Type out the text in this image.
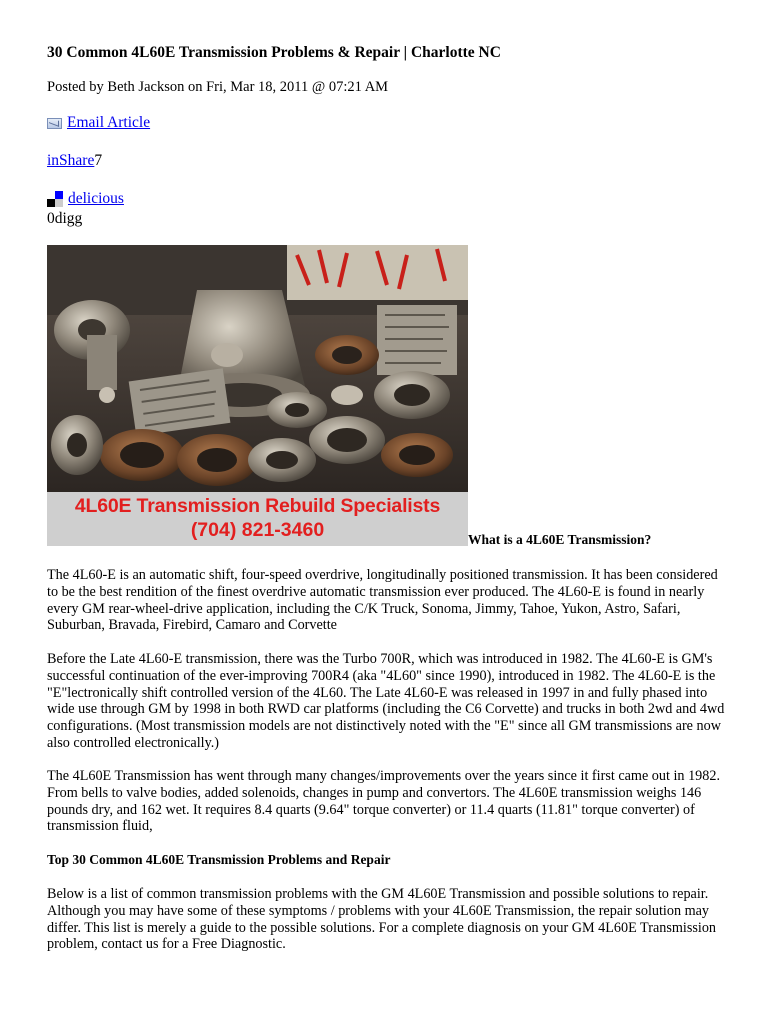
30 Common 4L60E Transmission Problems & Repair | Charlotte NC
Posted by Beth Jackson on Fri, Mar 18, 2011 @ 07:21 AM
Email Article
inShare7
delicious
0digg
4L60E Transmission Rebuild Specialists
(704) 821-3460	What is a 4L60E Transmission?

The 4L60-E is an automatic shift, four-speed overdrive, longitudinally positioned transmission. It has been considered to be the best rendition of the finest overdrive automatic transmission ever produced. The 4L60-E is found in nearly every GM rear-wheel-drive application, including the C/K Truck, Sonoma, Jimmy, Tahoe, Yukon, Astro, Safari, Suburban, Bravada, Firebird, Camaro and Corvette

Before the Late 4L60-E transmission, there was the Turbo 700R, which was introduced in 1982. The 4L60-E is GM's successful continuation of the ever-improving 700R4 (aka "4L60" since 1990), introduced in 1982. The 4L60-E is the "E"lectronically shift controlled version of the 4L60. The Late 4L60-E was released in 1997 in and fully phased into wide use through GM by 1998 in both RWD car platforms (including the C6 Corvette) and trucks in both 2wd and 4wd configurations. (Most transmission models are not distinctively noted with the "E" since all GM transmissions are now also controlled electronically.)

The 4L60E Transmission has went through many changes/improvements over the years since it first came out in 1982. From bells to valve bodies, added solenoids, changes in pump and convertors. The 4L60E transmission weighs 146 pounds dry, and 162 wet. It requires 8.4 quarts (9.64" torque converter) or 11.4 quarts (11.81" torque converter) of transmission fluid,

Top 30 Common 4L60E Transmission Problems and Repair

Below is a list of common transmission problems with the GM 4L60E Transmission and possible solutions to repair. Although you may have some of these symptoms / problems with your 4L60E Transmission, the repair solution may differ. This list is merely a guide to the possible solutions. For a complete diagnosis on your GM 4L60E Transmission problem, contact us for a Free Diagnostic.
